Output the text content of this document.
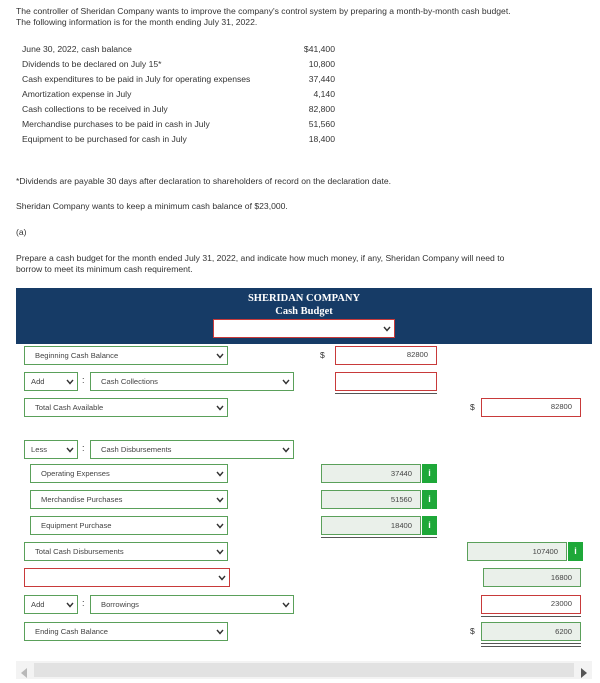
The controller of Sheridan Company wants to improve the company's control system by preparing a month-by-month cash budget.
The following information is for the month ending July 31, 2022.
June 30, 2022, cash balance	$41,400
Dividends to be declared on July 15*	10,800
Cash expenditures to be paid in July for operating expenses	37,440
Amortization expense in July	4,140
Cash collections to be received in July	82,800
Merchandise purchases to be paid in cash in July	51,560
Equipment to be purchased for cash in July	18,400
*Dividends are payable 30 days after declaration to shareholders of record on the declaration date.
Sheridan Company wants to keep a minimum cash balance of $23,000.
(a)
Prepare a cash budget for the month ended July 31, 2022, and indicate how much money, if any, Sheridan Company will need to
borrow to meet its minimum cash requirement.
SHERIDAN COMPANY
Cash Budget
Beginning Cash Balance	$	82800
Add	: Cash Collections
Total Cash Available	$	82800
Less	: Cash Disbursements
Operating Expenses	37440	i
Merchandise Purchases	51560	i
Equipment Purchase	18400	i
Total Cash Disbursements	107400	i
16800
Add	: Borrowings	23000
Ending Cash Balance	$	6200
